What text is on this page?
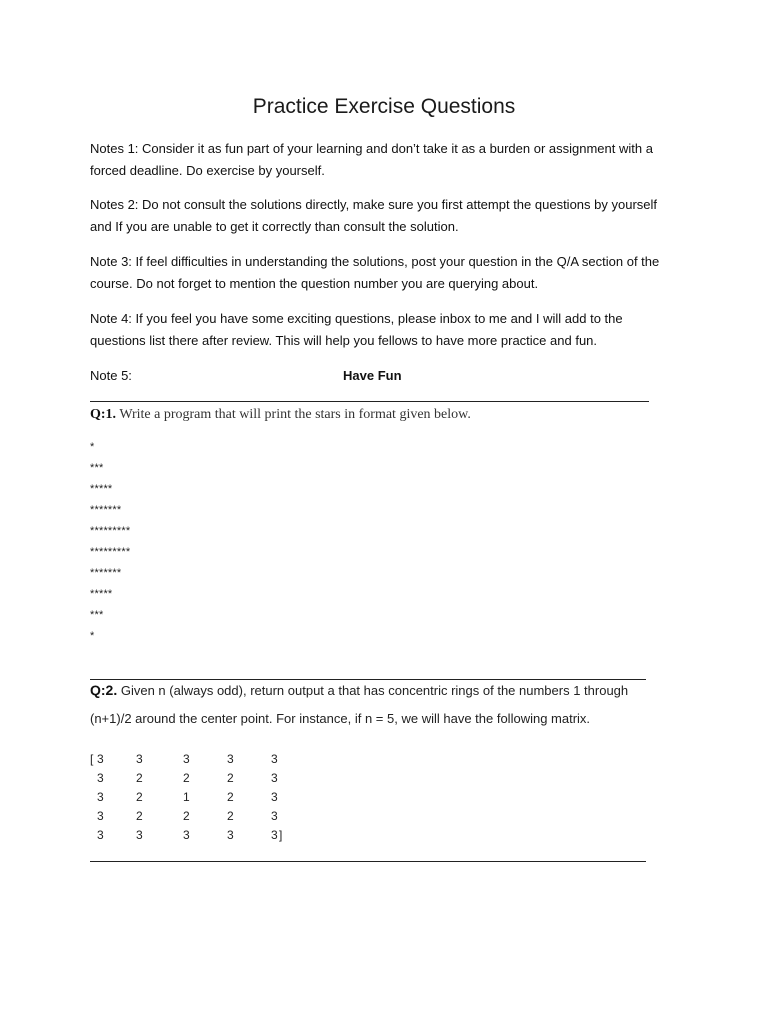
Practice Exercise Questions
Notes 1: Consider it as fun part of your learning and don’t take it as a burden or assignment with a forced deadline. Do exercise by yourself.
Notes 2: Do not consult the solutions directly, make sure you first attempt the questions by yourself and If you are unable to get it correctly than consult the solution.
Note 3: If feel difficulties in understanding the solutions, post your question in the Q/A section of the course. Do not forget to mention the question number you are querying about.
Note 4: If you feel you have some exciting questions, please inbox to me and I will add to the questions list there after review. This will help you fellows to have more practice and fun.
Note 5:	Have Fun
Q:1. Write a program that will print the stars in format given below.
*
***
*****
*******
*********
*********
*******
*****
***
*
Q:2. Given n (always odd), return output a that has concentric rings of the numbers 1 through
(n+1)/2 around the center point. For instance, if n = 5, we will have the following matrix.
[
]
3	3	3	3	3
3	2	2	2	3
3	2	1	2	3
3	2	2	2	3
3	3	3	3	3
